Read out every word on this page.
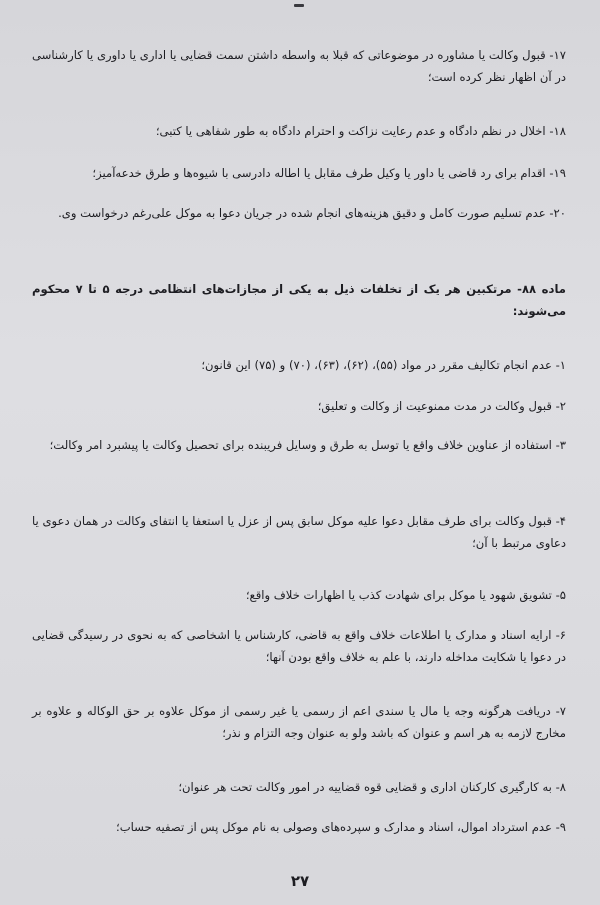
۱۷- قبول وکالت یا مشاوره در موضوعاتی که قبلا به واسطه داشتن سمت قضایی یا اداری یا داوری یا کارشناسی در آن اظهار نظر کرده است؛

۱۸- اخلال در نظم دادگاه و عدم رعایت نزاکت و احترام دادگاه به طور شفاهی یا کتبی؛

۱۹- اقدام برای رد قاضی یا داور یا وکیل طرف مقابل یا اطاله دادرسی با شیوه‌ها و طرق خدعه‌آمیز؛

۲۰- عدم تسلیم صورت کامل و دقیق هزینه‌های انجام شده در جریان دعوا به موکل علی‌رغم درخواست وی.

ماده ۸۸- مرتکبین هر یک از تخلفات ذیل به یکی از مجازات‌های انتظامی درجه ۵ تا ۷ محکوم می‌شوند:

۱- عدم انجام تکالیف مقرر در مواد (۵۵)، (۶۲)، (۶۳)، (۷۰) و (۷۵) این قانون؛

۲- قبول وکالت در مدت ممنوعیت از وکالت و تعلیق؛

۳- استفاده از عناوین خلاف واقع یا توسل به طرق و وسایل فریبنده برای تحصیل وکالت یا پیشبرد امر وکالت؛

۴- قبول وکالت برای طرف مقابل دعوا علیه موکل سابق پس از عزل یا استعفا یا انتفای وکالت در همان دعوی یا دعاوی مرتبط با آن؛

۵- تشویق شهود یا موکل برای شهادت کذب یا اظهارات خلاف واقع؛

۶- ارایه اسناد و مدارک یا اطلاعات خلاف واقع به قاضی، کارشناس یا اشخاصی که به نحوی در رسیدگی قضایی در دعوا یا شکایت مداخله دارند، با علم به خلاف واقع بودن آنها؛

۷- دریافت هرگونه وجه یا مال یا سندی اعم از رسمی یا غیر رسمی از موکل علاوه بر حق الوکاله و علاوه بر مخارج لازمه به هر اسم و عنوان که باشد ولو به عنوان وجه التزام و نذر؛

۸- به کارگیری کارکنان اداری و قضایی قوه قضاییه در امور وکالت تحت هر عنوان؛

۹- عدم استرداد اموال، اسناد و مدارک و سپرده‌های وصولی به نام موکل پس از تصفیه حساب؛

۲۷
